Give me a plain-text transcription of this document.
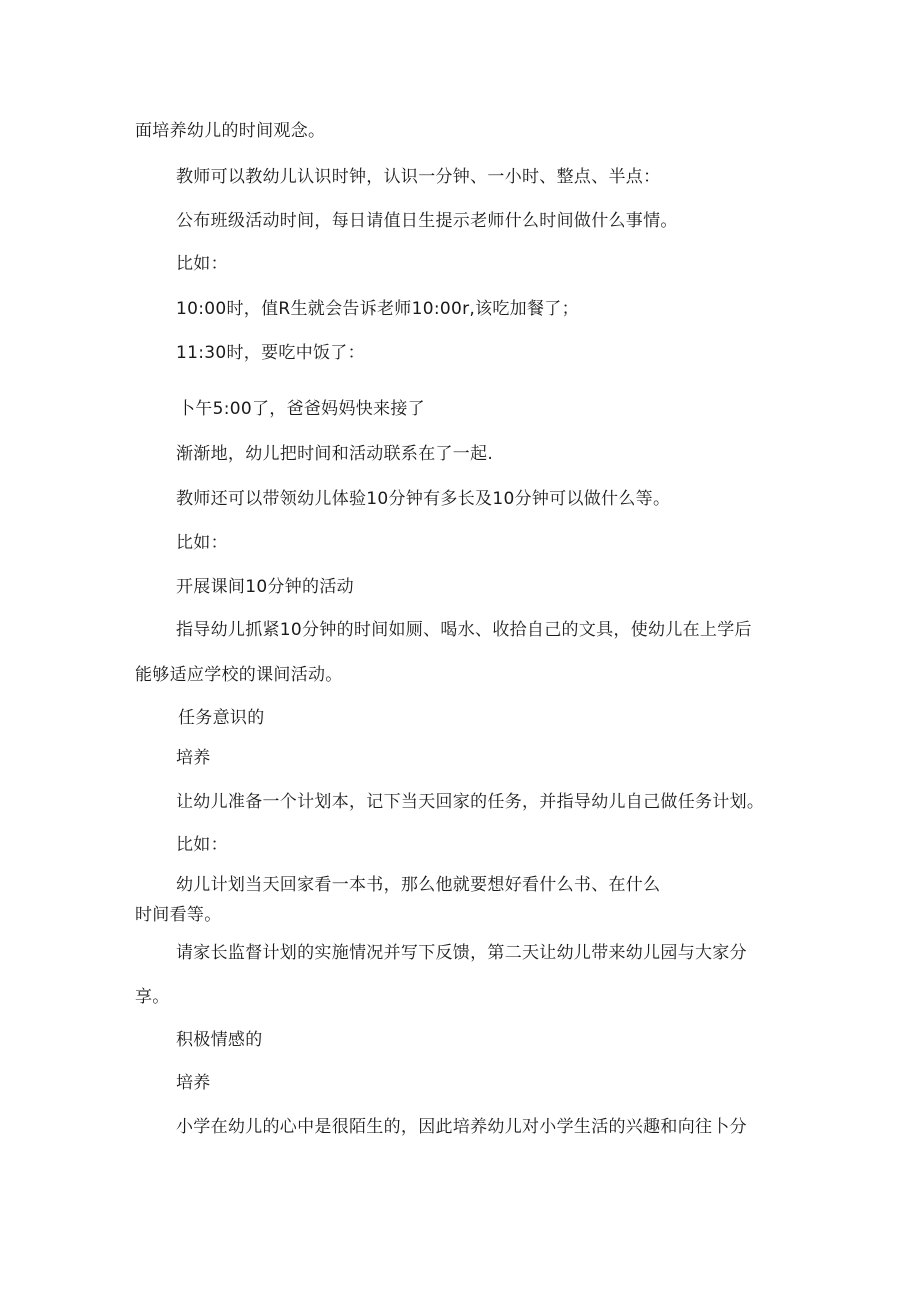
面培养幼儿的时间观念。
教师可以教幼儿认识时钟，认识一分钟、一小时、整点、半点：
公布班级活动时间，每日请值日生提示老师什么时间做什么事情。
比如：
10:00时，值R生就会告诉老师10:00r,该吃加餐了；
11:30时，要吃中饭了：
卜午5:00了，爸爸妈妈快来接了
渐渐地，幼儿把时间和活动联系在了一起.
教师还可以带领幼儿体验10分钟有多长及10分钟可以做什么等。
比如：
开展课间10分钟的活动
指导幼儿抓紧10分钟的时间如厕、喝水、收拾自己的文具，使幼儿在上学后
能够适应学校的课间活动。
任务意识的
培养
让幼儿准备一个计划本，记下当天回家的任务，并指导幼儿自己做任务计划。
比如：
幼儿计划当天回家看一本书，那么他就要想好看什么书、在什么
时间看等。
请家长监督计划的实施情况并写下反馈，第二天让幼儿带来幼儿园与大家分
享。
积极情感的
培养
小学在幼儿的心中是很陌生的，因此培养幼儿对小学生活的兴趣和向往卜分
